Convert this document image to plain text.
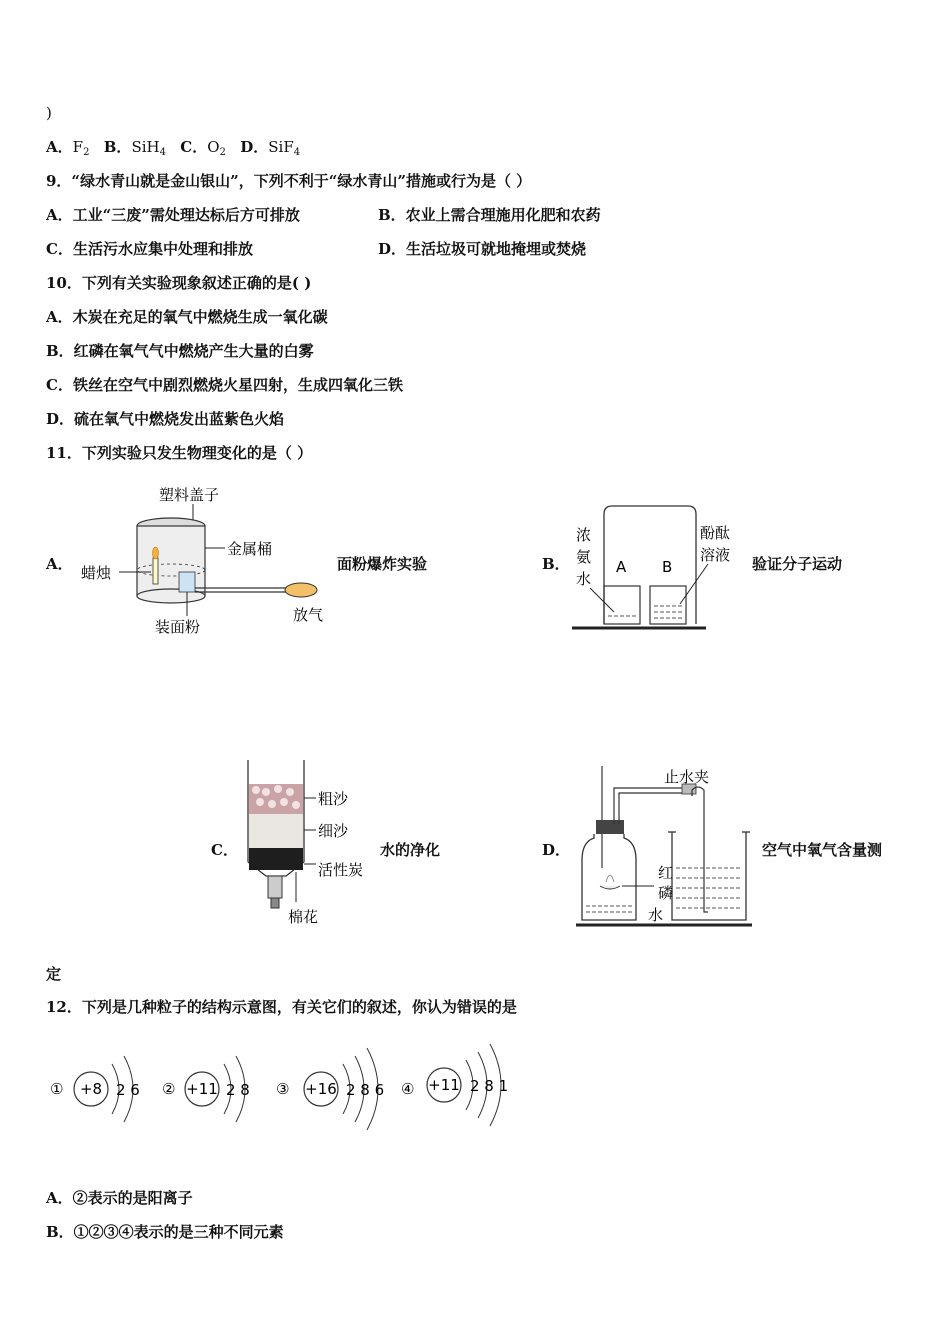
)
A．$F_2$ B．SiH$_4$ C．$O_2$ D．SiF$_4$
9．“绿水青山就是金山银山”，下列不利于“绿水青山”措施或行为是（ ）
A．工业“三废”需处理达标后方可排放	B．农业上需合理施用化肥和农药
C．生活污水应集中处理和排放	D．生活垃圾可就地掩埋或焚烧
10．下列有关实验现象叙述正确的是( )
A．木炭在充足的氧气中燃烧生成一氧化碳
B．红磷在氧气气中燃烧产生大量的白雾
C．铁丝在空气中剧烈燃烧火星四射，生成四氧化三铁
D．硫在氧气中燃烧发出蓝紫色火焰
11．下列实验只发生物理变化的是（ ）
A．
塑料盖子
金属桶
蜡烛
装面粉
放气
面粉爆炸实验	B．	A B
浓
氨
水
酚酞
溶液 验证分子运动
C．
粗沙
细沙
活性炭
棉花
水的净化	D．
止水夹
红
磷
水
空气中氧气含量测
定
12．下列是几种粒子的结构示意图，有关它们的叙述，你认为错误的是
① +8 2 6 ② +11 2 8 ③ +16 2 8 6 ④ +11 2 8 1
A．②表示的是阳离子
B．①②③④表示的是三种不同元素
